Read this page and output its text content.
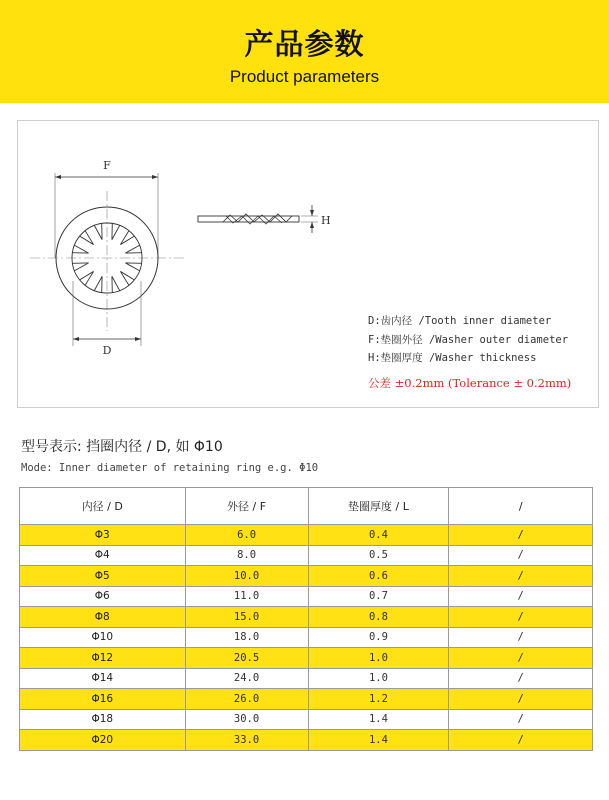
产品参数
Product parameters
F
D
H
D:齿内径 /Tooth inner diameter
F:垫圈外径 /Washer outer diameter
H:垫圈厚度 /Washer thickness
公差 ±0.2mm (Tolerance ± 0.2mm)
型号表示: 挡圈内径 / D, 如 Φ10
Mode: Inner diameter of retaining ring e.g. Φ10
内径 / D	外径 / F	垫圈厚度 / L	/
Φ3	6.0	0.4	/
Φ4	8.0	0.5	/
Φ5	10.0	0.6	/
Φ6	11.0	0.7	/
Φ8	15.0	0.8	/
Φ10	18.0	0.9	/
Φ12	20.5	1.0	/
Φ14	24.0	1.0	/
Φ16	26.0	1.2	/
Φ18	30.0	1.4	/
Φ20	33.0	1.4	/
